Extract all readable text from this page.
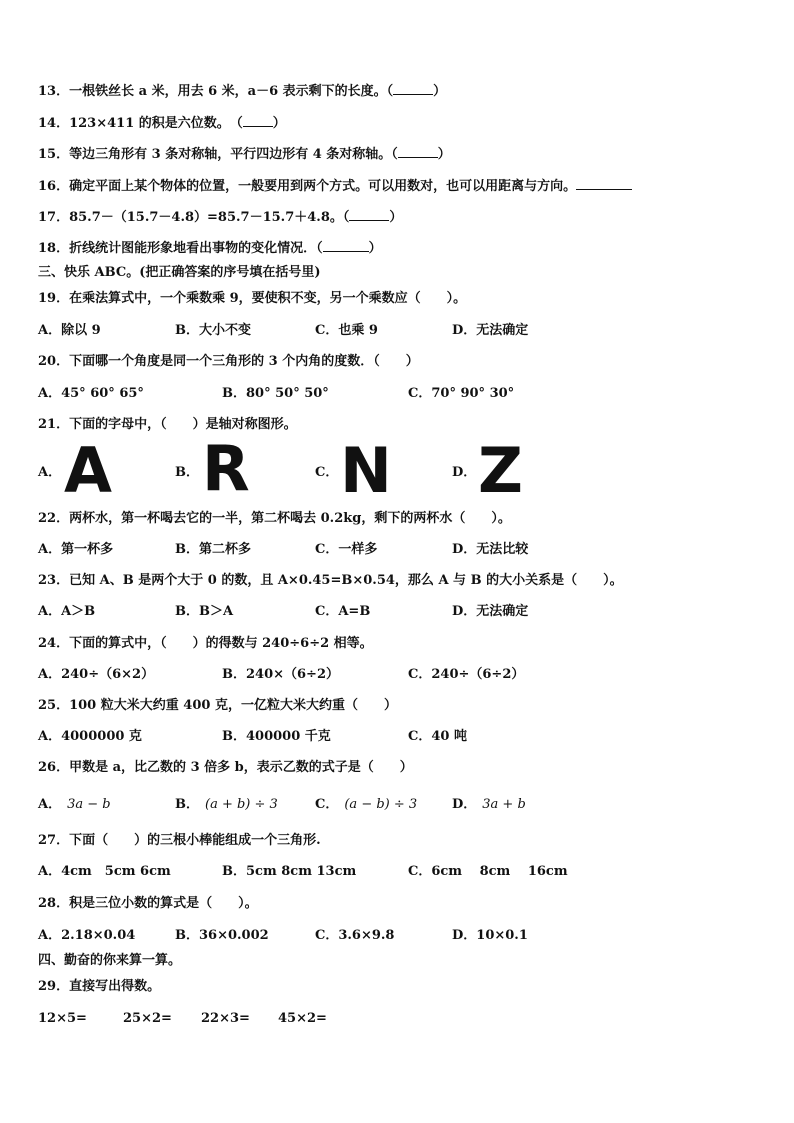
13．一根铁丝长 a 米，用去 6 米，a－6 表示剩下的长度。（	）
14．123×411 的积是六位数。　（ ）
15．等边三角形有 3 条对称轴，平行四边形有 4 条对称轴。（	）
16．确定平面上某个物体的位置，一般要用到两个方式。可以用数对，也可以用距离与方向。
17．85.7－（15.7－4.8）=85.7－15.7＋4.8。（	）
18．折线统计图能形象地看出事物的变化情况．（	）
三、快乐 ABC。(把正确答案的序号填在括号里)
19．在乘法算式中，一个乘数乘 9，要使积不变，另一个乘数应（　　）。
A．除以 9	B．大小不变	C．也乘 9	D．无法确定
20．下面哪一个角度是同一个三角形的 3 个内角的度数．（　　）
A．45° 60° 65°	B．80° 50° 50°	C．70° 90° 30°
21．下面的字母中，（　　）是轴对称图形。
A． A	B． R	C． N	D． Z
22．两杯水，第一杯喝去它的一半，第二杯喝去 0.2kg，剩下的两杯水（　　）。
A．第一杯多	B．第二杯多	C．一样多	D．无法比较
23．已知 A、B 是两个大于 0 的数，且 A×0.45=B×0.54，那么 A 与 B 的大小关系是（　　）。
A．A＞B	B．B＞A	C．A=B	D．无法确定
24．下面的算式中，（　　）的得数与 240÷6÷2 相等。
A．240÷（6×2）	B．240×（6÷2）	C．240÷（6÷2）
25．100 粒大米大约重 400 克，一亿粒大米大约重（　　）
A．4000000 克	B．400000 千克	C．40 吨
26．甲数是 a，比乙数的 3 倍多 b，表示乙数的式子是（　　）
A． 3a − b	B． (a + b) ÷ 3	C． (a − b) ÷ 3	D． 3a + b
27．下面（　　）的三根小棒能组成一个三角形.
A．4cm　5cm 6cm	B．5cm 8cm 13cm	C．6cm　 8cm　 16cm
28．积是三位小数的算式是（　　）。
A．2.18×0.04	B．36×0.002	C．3.6×9.8	D．10×0.1
四、勤奋的你来算一算。
29．直接写出得数。
12×5=	25×2= 22×3= 45×2=
